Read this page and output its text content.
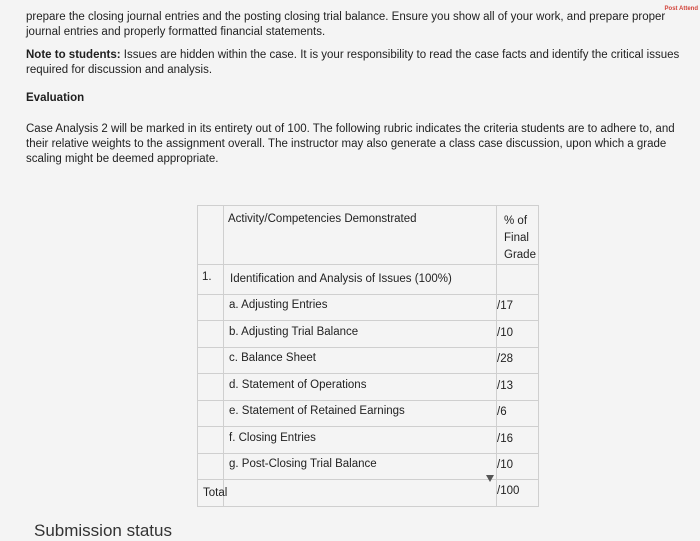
Post Attend
prepare the closing journal entries and the posting closing trial balance. Ensure you show all of your work, and prepare proper journal entries and properly formatted financial statements.
Note to students: Issues are hidden within the case. It is your responsibility to read the case facts and identify the critical issues required for discussion and analysis.
Evaluation
Case Analysis 2 will be marked in its entirety out of 100. The following rubric indicates the criteria students are to adhere to, and their relative weights to the assignment overall. The instructor may also generate a class case discussion, upon which a grade scaling might be deemed appropriate.
Activity/Competencies Demonstrated	% of Final Grade
1. Identification and Analysis of Issues (100%)
a. Adjusting Entries	/17
b. Adjusting Trial Balance	/10
c. Balance Sheet	/28
d. Statement of Operations	/13
e. Statement of Retained Earnings	/6
f. Closing Entries	/16
g. Post-Closing Trial Balance	/10
Total	/100
Submission status
